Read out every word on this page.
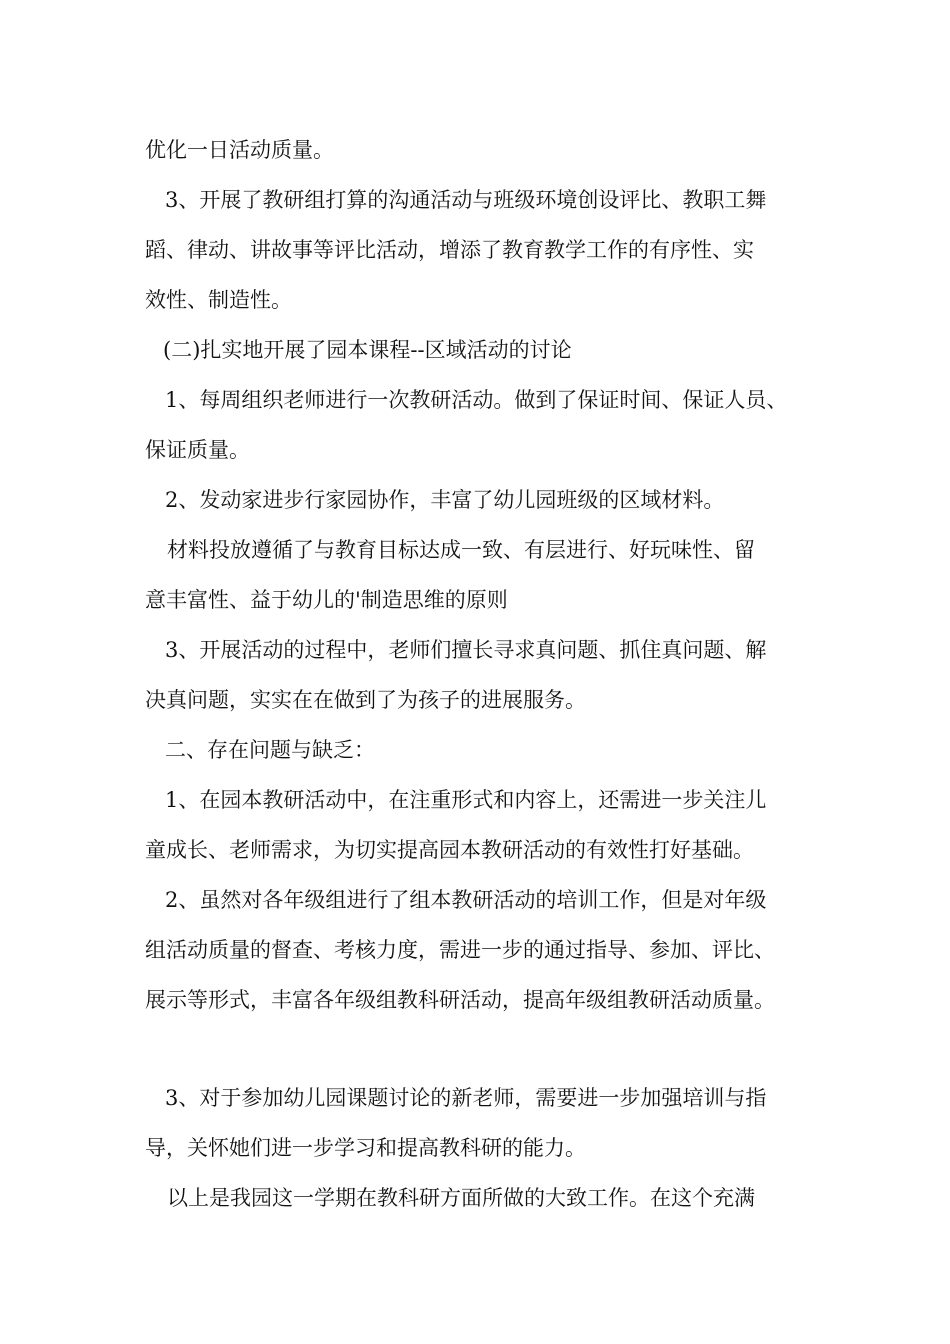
优化一日活动质量。
3、开展了教研组打算的沟通活动与班级环境创设评比、教职工舞
蹈、律动、讲故事等评比活动，增添了教育教学工作的有序性、实
效性、制造性。
(二)扎实地开展了园本课程--区域活动的讨论
1、每周组织老师进行一次教研活动。做到了保证时间、保证人员、
保证质量。
2、发动家进步行家园协作，丰富了幼儿园班级的区域材料。
材料投放遵循了与教育目标达成一致、有层进行、好玩味性、留
意丰富性、益于幼儿的'制造思维的原则
3、开展活动的过程中，老师们擅长寻求真问题、抓住真问题、解
决真问题，实实在在做到了为孩子的进展服务。
二、存在问题与缺乏：
1、在园本教研活动中，在注重形式和内容上，还需进一步关注儿
童成长、老师需求，为切实提高园本教研活动的有效性打好基础。
2、虽然对各年级组进行了组本教研活动的培训工作，但是对年级
组活动质量的督查、考核力度，需进一步的通过指导、参加、评比、
展示等形式，丰富各年级组教科研活动，提高年级组教研活动质量。
3、对于参加幼儿园课题讨论的新老师，需要进一步加强培训与指
导，关怀她们进一步学习和提高教科研的能力。
以上是我园这一学期在教科研方面所做的大致工作。在这个充满
